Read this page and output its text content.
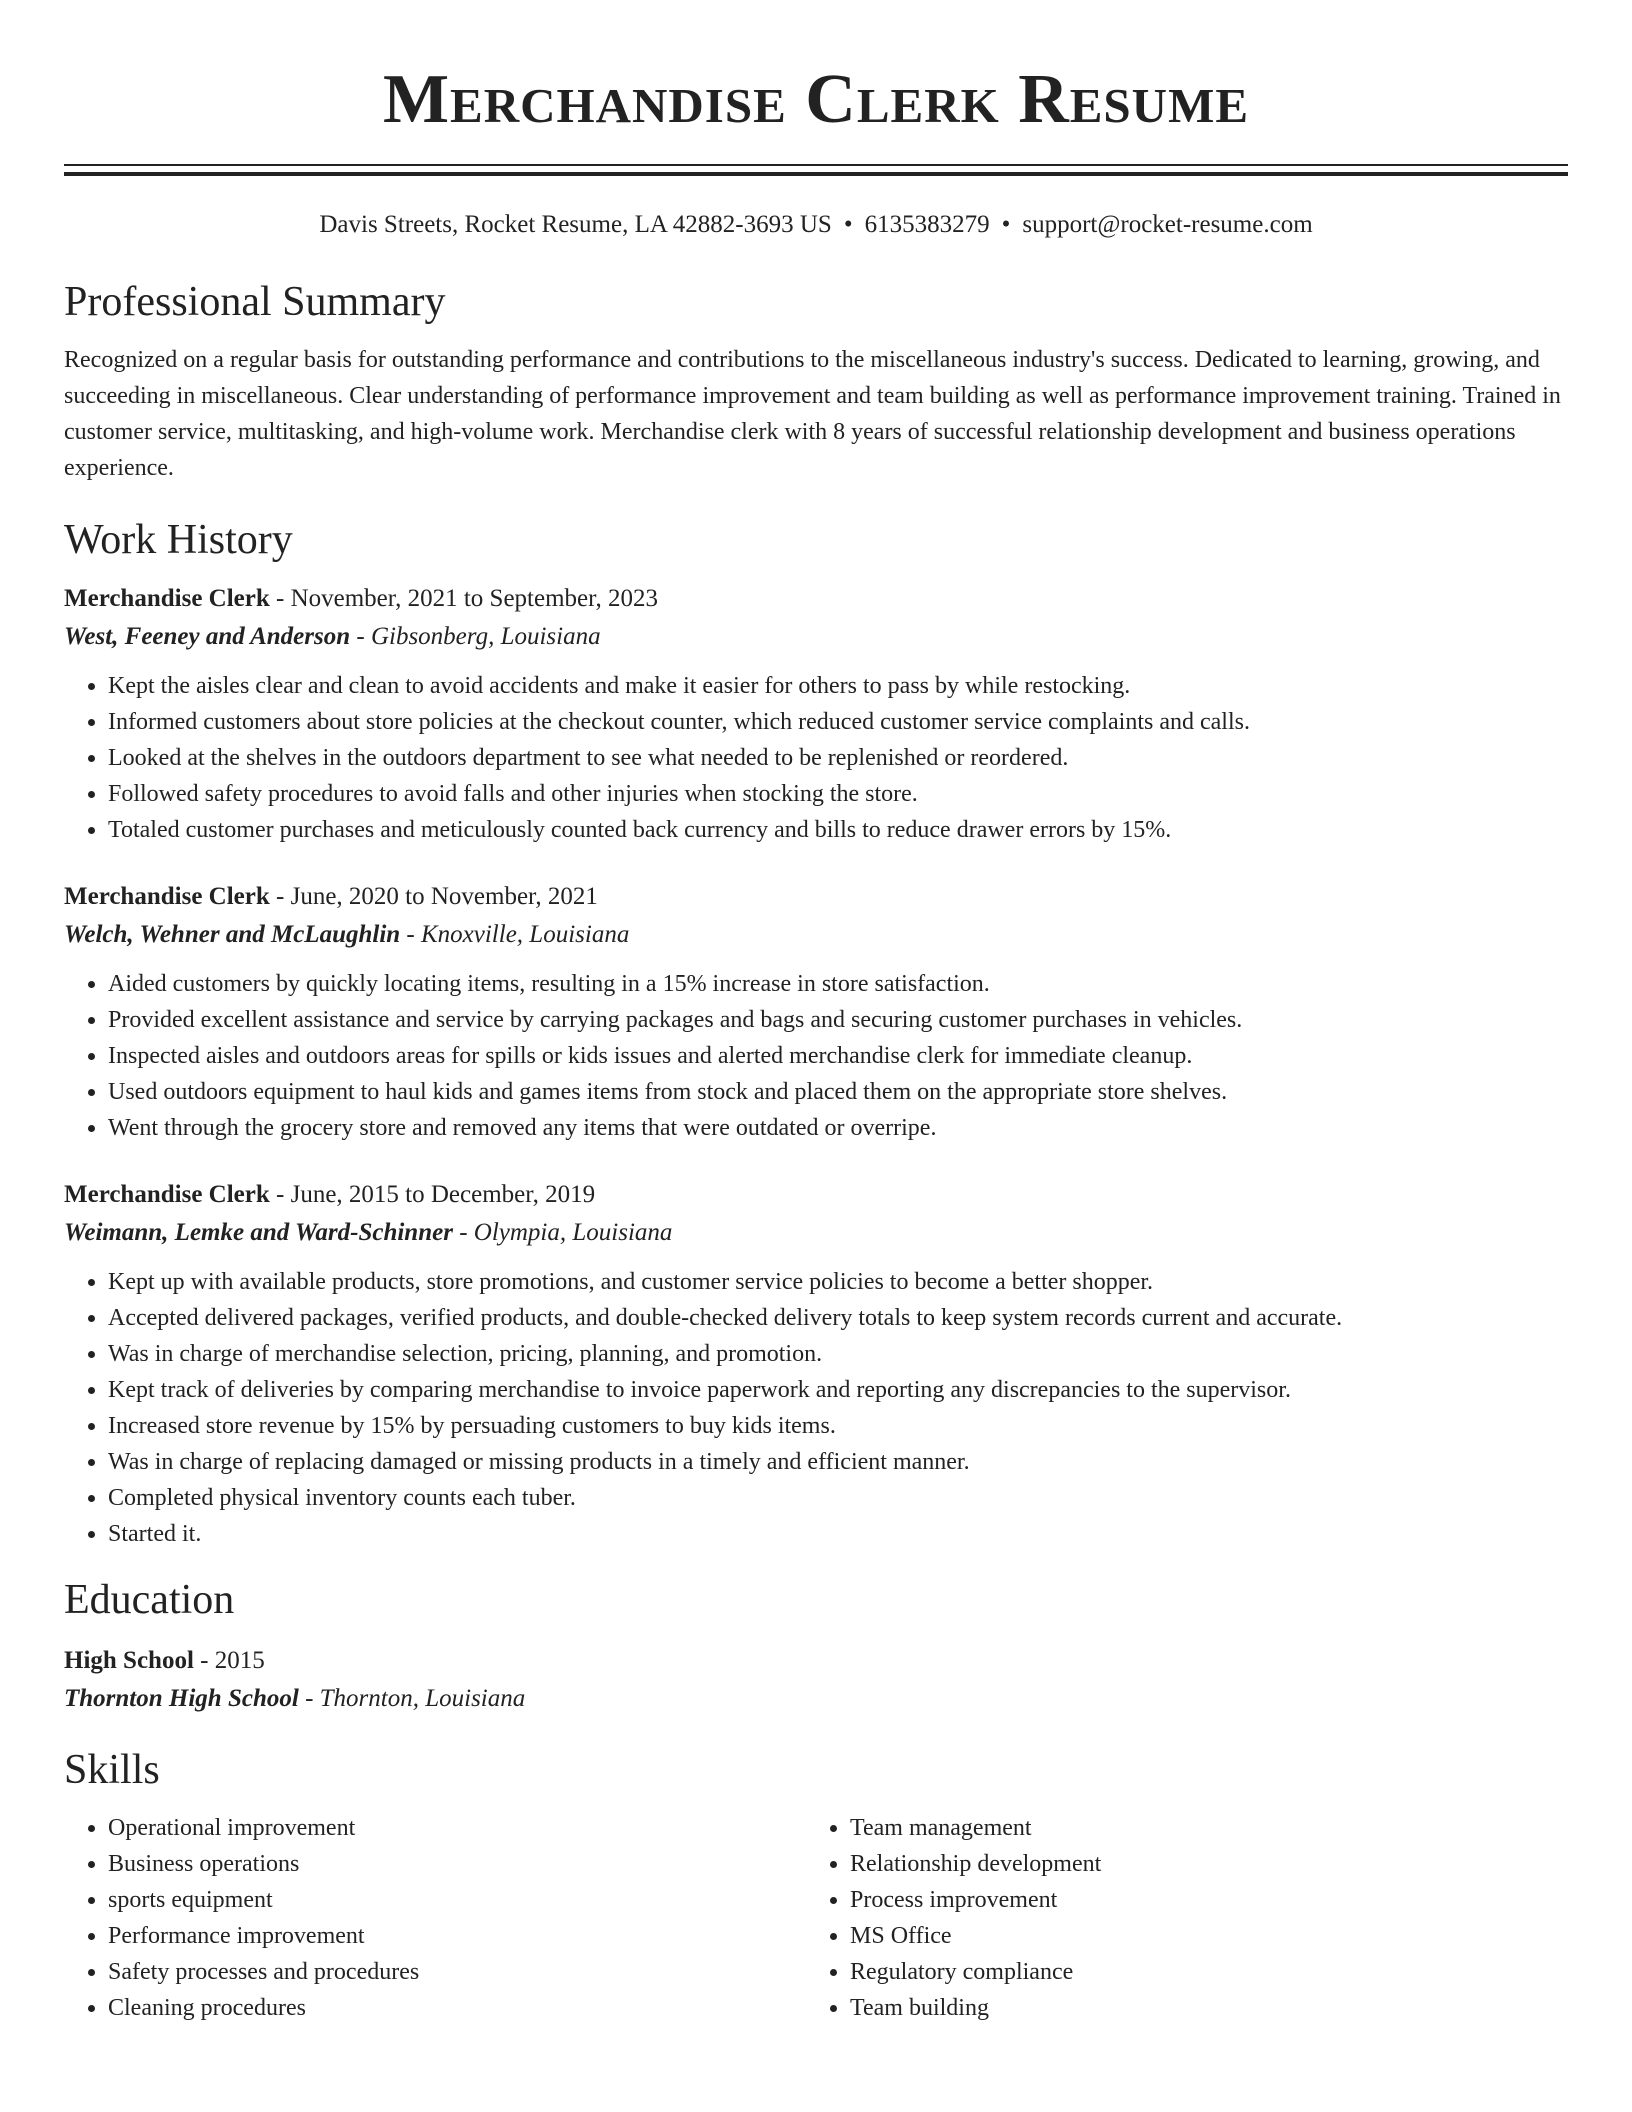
Merchandise Clerk Resume
Davis Streets, Rocket Resume, LA 42882-3693 US • 6135383279 • support@rocket-resume.com
Professional Summary

Recognized on a regular basis for outstanding performance and contributions to the miscellaneous industry's success. Dedicated to learning, growing, and succeeding in miscellaneous. Clear understanding of performance improvement and team building as well as performance improvement training. Trained in customer service, multitasking, and high-volume work. Merchandise clerk with 8 years of successful relationship development and business operations experience.

Work History
Merchandise Clerk - November, 2021 to September, 2023
West, Feeney and Anderson - Gibsonberg, Louisiana
• Kept the aisles clear and clean to avoid accidents and make it easier for others to pass by while restocking.
• Informed customers about store policies at the checkout counter, which reduced customer service complaints and calls.
• Looked at the shelves in the outdoors department to see what needed to be replenished or reordered.
• Followed safety procedures to avoid falls and other injuries when stocking the store.
• Totaled customer purchases and meticulously counted back currency and bills to reduce drawer errors by 15%.
Merchandise Clerk - June, 2020 to November, 2021
Welch, Wehner and McLaughlin - Knoxville, Louisiana
• Aided customers by quickly locating items, resulting in a 15% increase in store satisfaction.
• Provided excellent assistance and service by carrying packages and bags and securing customer purchases in vehicles.
• Inspected aisles and outdoors areas for spills or kids issues and alerted merchandise clerk for immediate cleanup.
• Used outdoors equipment to haul kids and games items from stock and placed them on the appropriate store shelves.
• Went through the grocery store and removed any items that were outdated or overripe.
Merchandise Clerk - June, 2015 to December, 2019
Weimann, Lemke and Ward-Schinner - Olympia, Louisiana
• Kept up with available products, store promotions, and customer service policies to become a better shopper.
• Accepted delivered packages, verified products, and double-checked delivery totals to keep system records current and accurate.
• Was in charge of merchandise selection, pricing, planning, and promotion.
• Kept track of deliveries by comparing merchandise to invoice paperwork and reporting any discrepancies to the supervisor.
• Increased store revenue by 15% by persuading customers to buy kids items.
• Was in charge of replacing damaged or missing products in a timely and efficient manner.
• Completed physical inventory counts each tuber.
• Started it.
Education
High School - 2015
Thornton High School - Thornton, Louisiana
Skills
• Operational improvement
• Business operations
• sports equipment
• Performance improvement
• Safety processes and procedures
• Cleaning procedures
• Team management
• Relationship development
• Process improvement
• MS Office
• Regulatory compliance
• Team building
